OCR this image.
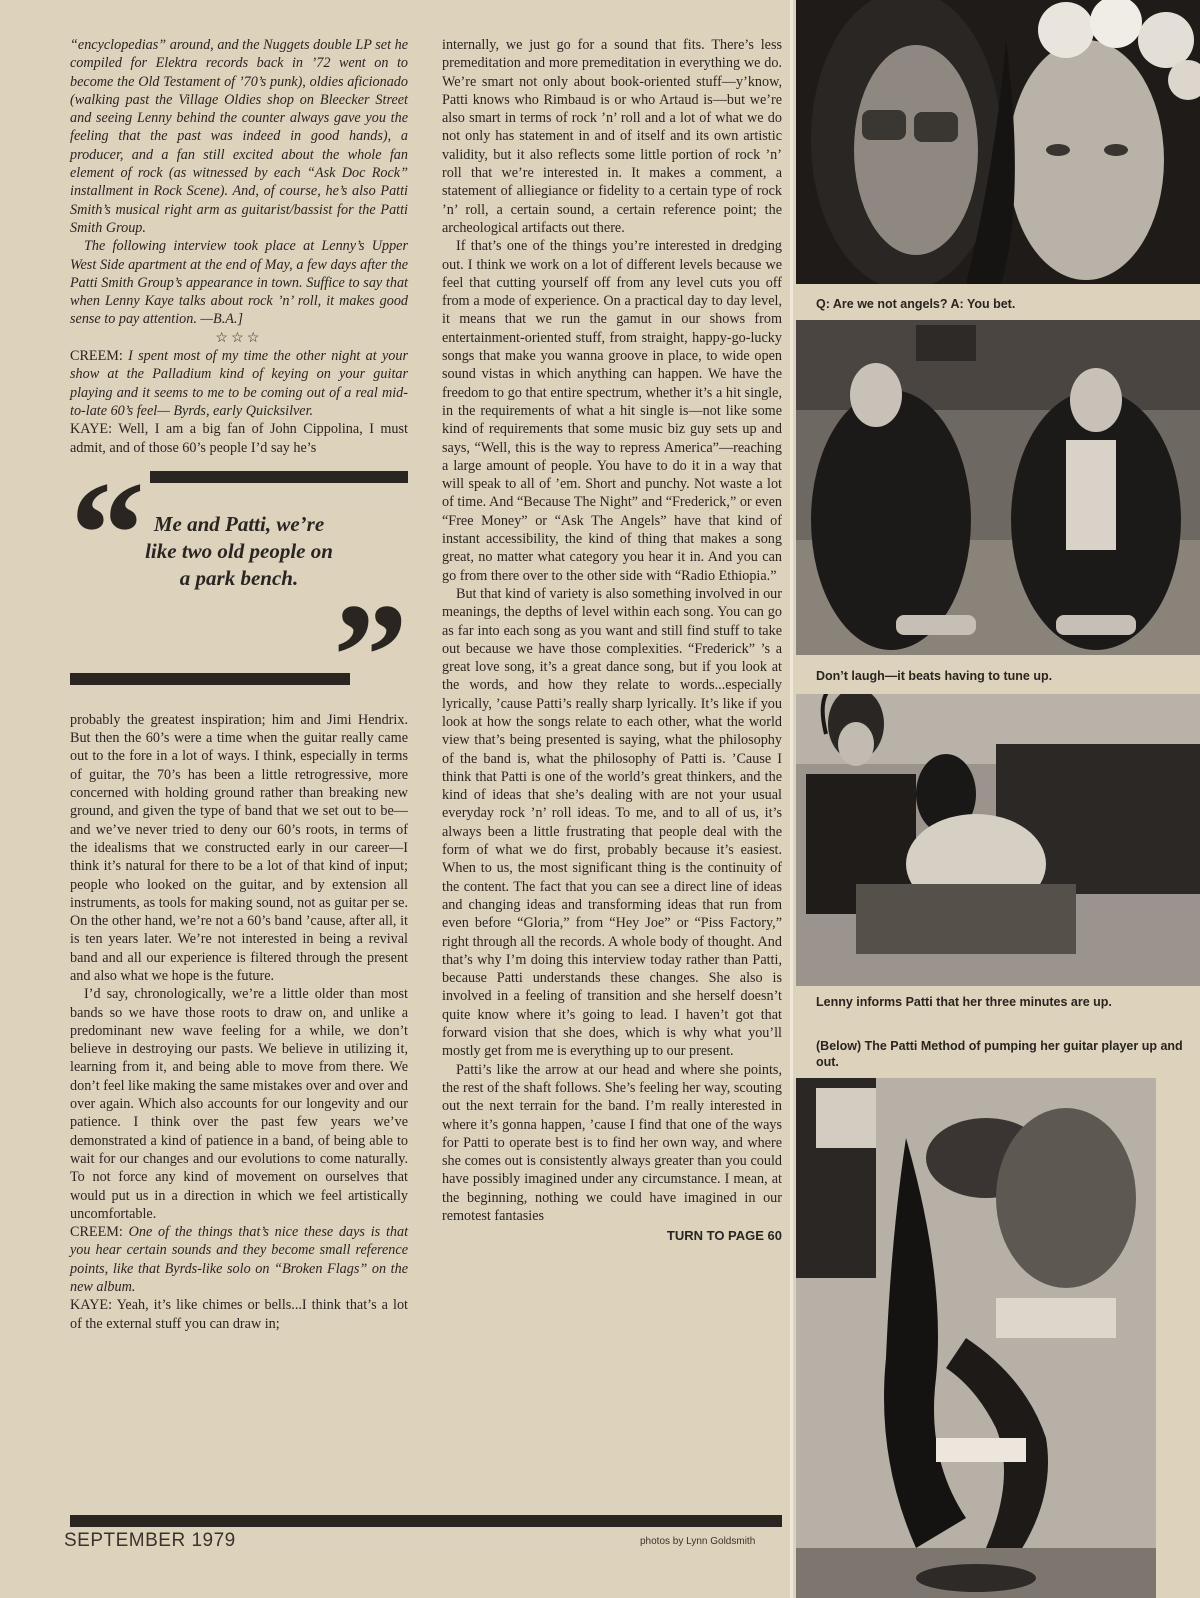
“encyclopedias” around, and the Nuggets double LP set he compiled for Elektra records back in ’72 went on to become the Old Testament of ’70’s punk), oldies aficionado (walking past the Village Oldies shop on Bleecker Street and seeing Lenny behind the counter always gave you the feeling that the past was indeed in good hands), a producer, and a fan still excited about the whole fan element of rock (as witnessed by each “Ask Doc Rock” installment in Rock Scene). And, of course, he’s also Patti Smith’s musical right arm as guitarist/bassist for the Patti Smith Group.

The following interview took place at Lenny’s Upper West Side apartment at the end of May, a few days after the Patti Smith Group’s appearance in town. Suffice to say that when Lenny Kaye talks about rock ’n’ roll, it makes good sense to pay attention. —B.A.]

☆☆☆

CREEM: I spent most of my time the other night at your show at the Palladium kind of keying on your guitar playing and it seems to me to be coming out of a real mid-to-late 60’s feel— Byrds, early Quicksilver.

KAYE: Well, I am a big fan of John Cippolina, I must admit, and of those 60’s people I’d say he’s

“ Me and Patti, we’re like two old people on a park bench. ”

probably the greatest inspiration; him and Jimi Hendrix. But then the 60’s were a time when the guitar really came out to the fore in a lot of ways. I think, especially in terms of guitar, the 70’s has been a little retrogressive, more concerned with holding ground rather than breaking new ground, and given the type of band that we set out to be—and we’ve never tried to deny our 60’s roots, in terms of the idealisms that we constructed early in our career—I think it’s natural for there to be a lot of that kind of input; people who looked on the guitar, and by extension all instruments, as tools for making sound, not as guitar per se. On the other hand, we’re not a 60’s band ’cause, after all, it is ten years later. We’re not interested in being a revival band and all our experience is filtered through the present and also what we hope is the future.

I’d say, chronologically, we’re a little older than most bands so we have those roots to draw on, and unlike a predominant new wave feeling for a while, we don’t believe in destroying our pasts. We believe in utilizing it, learning from it, and being able to move from there. We don’t feel like making the same mistakes over and over and over again. Which also accounts for our longevity and our patience. I think over the past few years we’ve demonstrated a kind of patience in a band, of being able to wait for our changes and our evolutions to come naturally. To not force any kind of movement on ourselves that would put us in a direction in which we feel artistically uncomfortable.

CREEM: One of the things that’s nice these days is that you hear certain sounds and they become small reference points, like that Byrds-like solo on “Broken Flags” on the new album.

KAYE: Yeah, it’s like chimes or bells...I think that’s a lot of the external stuff you can draw in;

internally, we just go for a sound that fits. There’s less premeditation and more premeditation in everything we do. We’re smart not only about book-oriented stuff—y’know, Patti knows who Rimbaud is or who Artaud is—but we’re also smart in terms of rock ’n’ roll and a lot of what we do not only has statement in and of itself and its own artistic validity, but it also reflects some little portion of rock ’n’ roll that we’re interested in. It makes a comment, a statement of alliegiance or fidelity to a certain type of rock ’n’ roll, a certain sound, a certain reference point; the archeological artifacts out there.

If that’s one of the things you’re interested in dredging out. I think we work on a lot of different levels because we feel that cutting yourself off from any level cuts you off from a mode of experience. On a practical day to day level, it means that we run the gamut in our shows from entertainment-oriented stuff, from straight, happy-go-lucky songs that make you wanna groove in place, to wide open sound vistas in which anything can happen. We have the freedom to go that entire spectrum, whether it’s a hit single, in the requirements of what a hit single is—not like some kind of requirements that some music biz guy sets up and says, “Well, this is the way to repress America”—reaching a large amount of people. You have to do it in a way that will speak to all of ’em. Short and punchy. Not waste a lot of time. And “Because The Night” and “Frederick,” or even “Free Money” or “Ask The Angels” have that kind of instant accessibility, the kind of thing that makes a song great, no matter what category you hear it in. And you can go from there over to the other side with “Radio Ethiopia.”

But that kind of variety is also something involved in our meanings, the depths of level within each song. You can go as far into each song as you want and still find stuff to take out because we have those complexities. “Frederick” ’s a great love song, it’s a great dance song, but if you look at the words, and how they relate to words...especially lyrically, ’cause Patti’s really sharp lyrically. It’s like if you look at how the songs relate to each other, what the world view that’s being presented is saying, what the philosophy of the band is, what the philosophy of Patti is. ’Cause I think that Patti is one of the world’s great thinkers, and the kind of ideas that she’s dealing with are not your usual everyday rock ’n’ roll ideas. To me, and to all of us, it’s always been a little frustrating that people deal with the form of what we do first, probably because it’s easiest. When to us, the most significant thing is the continuity of the content. The fact that you can see a direct line of ideas and changing ideas and transforming ideas that run from even before “Gloria,” from “Hey Joe” or “Piss Factory,” right through all the records. A whole body of thought. And that’s why I’m doing this interview today rather than Patti, because Patti understands these changes. She also is involved in a feeling of transition and she herself doesn’t quite know where it’s going to lead. I haven’t got that forward vision that she does, which is why what you’ll mostly get from me is everything up to our present.

Patti’s like the arrow at our head and where she points, the rest of the shaft follows. She’s feeling her way, scouting out the next terrain for the band. I’m really interested in where it’s gonna happen, ’cause I find that one of the ways for Patti to operate best is to find her own way, and where she comes out is consistently always greater than you could have possibly imagined under any circumstance. I mean, at the beginning, nothing we could have imagined in our remotest fantasies

TURN TO PAGE 60
SEPTEMBER 1979	photos by Lynn Goldsmith
Q: Are we not angels? A: You bet.
Don’t laugh—it beats having to tune up.
Lenny informs Patti that her three minutes are up.
(Below) The Patti Method of pumping her guitar player up and out.
